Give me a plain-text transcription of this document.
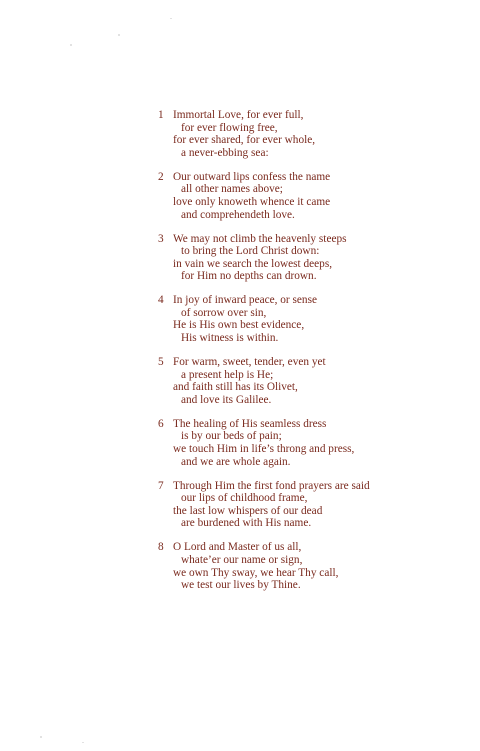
1 Immortal Love, for ever full,
for ever flowing free,
for ever shared, for ever whole,
a never-ebbing sea:
2 Our outward lips confess the name
all other names above;
love only knoweth whence it came
and comprehendeth love.
3 We may not climb the heavenly steeps
to bring the Lord Christ down:
in vain we search the lowest deeps,
for Him no depths can drown.
4 In joy of inward peace, or sense
of sorrow over sin,
He is His own best evidence,
His witness is within.
5 For warm, sweet, tender, even yet
a present help is He;
and faith still has its Olivet,
and love its Galilee.
6 The healing of His seamless dress
is by our beds of pain;
we touch Him in life’s throng and press,
and we are whole again.
7 Through Him the first fond prayers are said
our lips of childhood frame,
the last low whispers of our dead
are burdened with His name.
8 O Lord and Master of us all,
whate’er our name or sign,
we own Thy sway, we hear Thy call,
we test our lives by Thine.
